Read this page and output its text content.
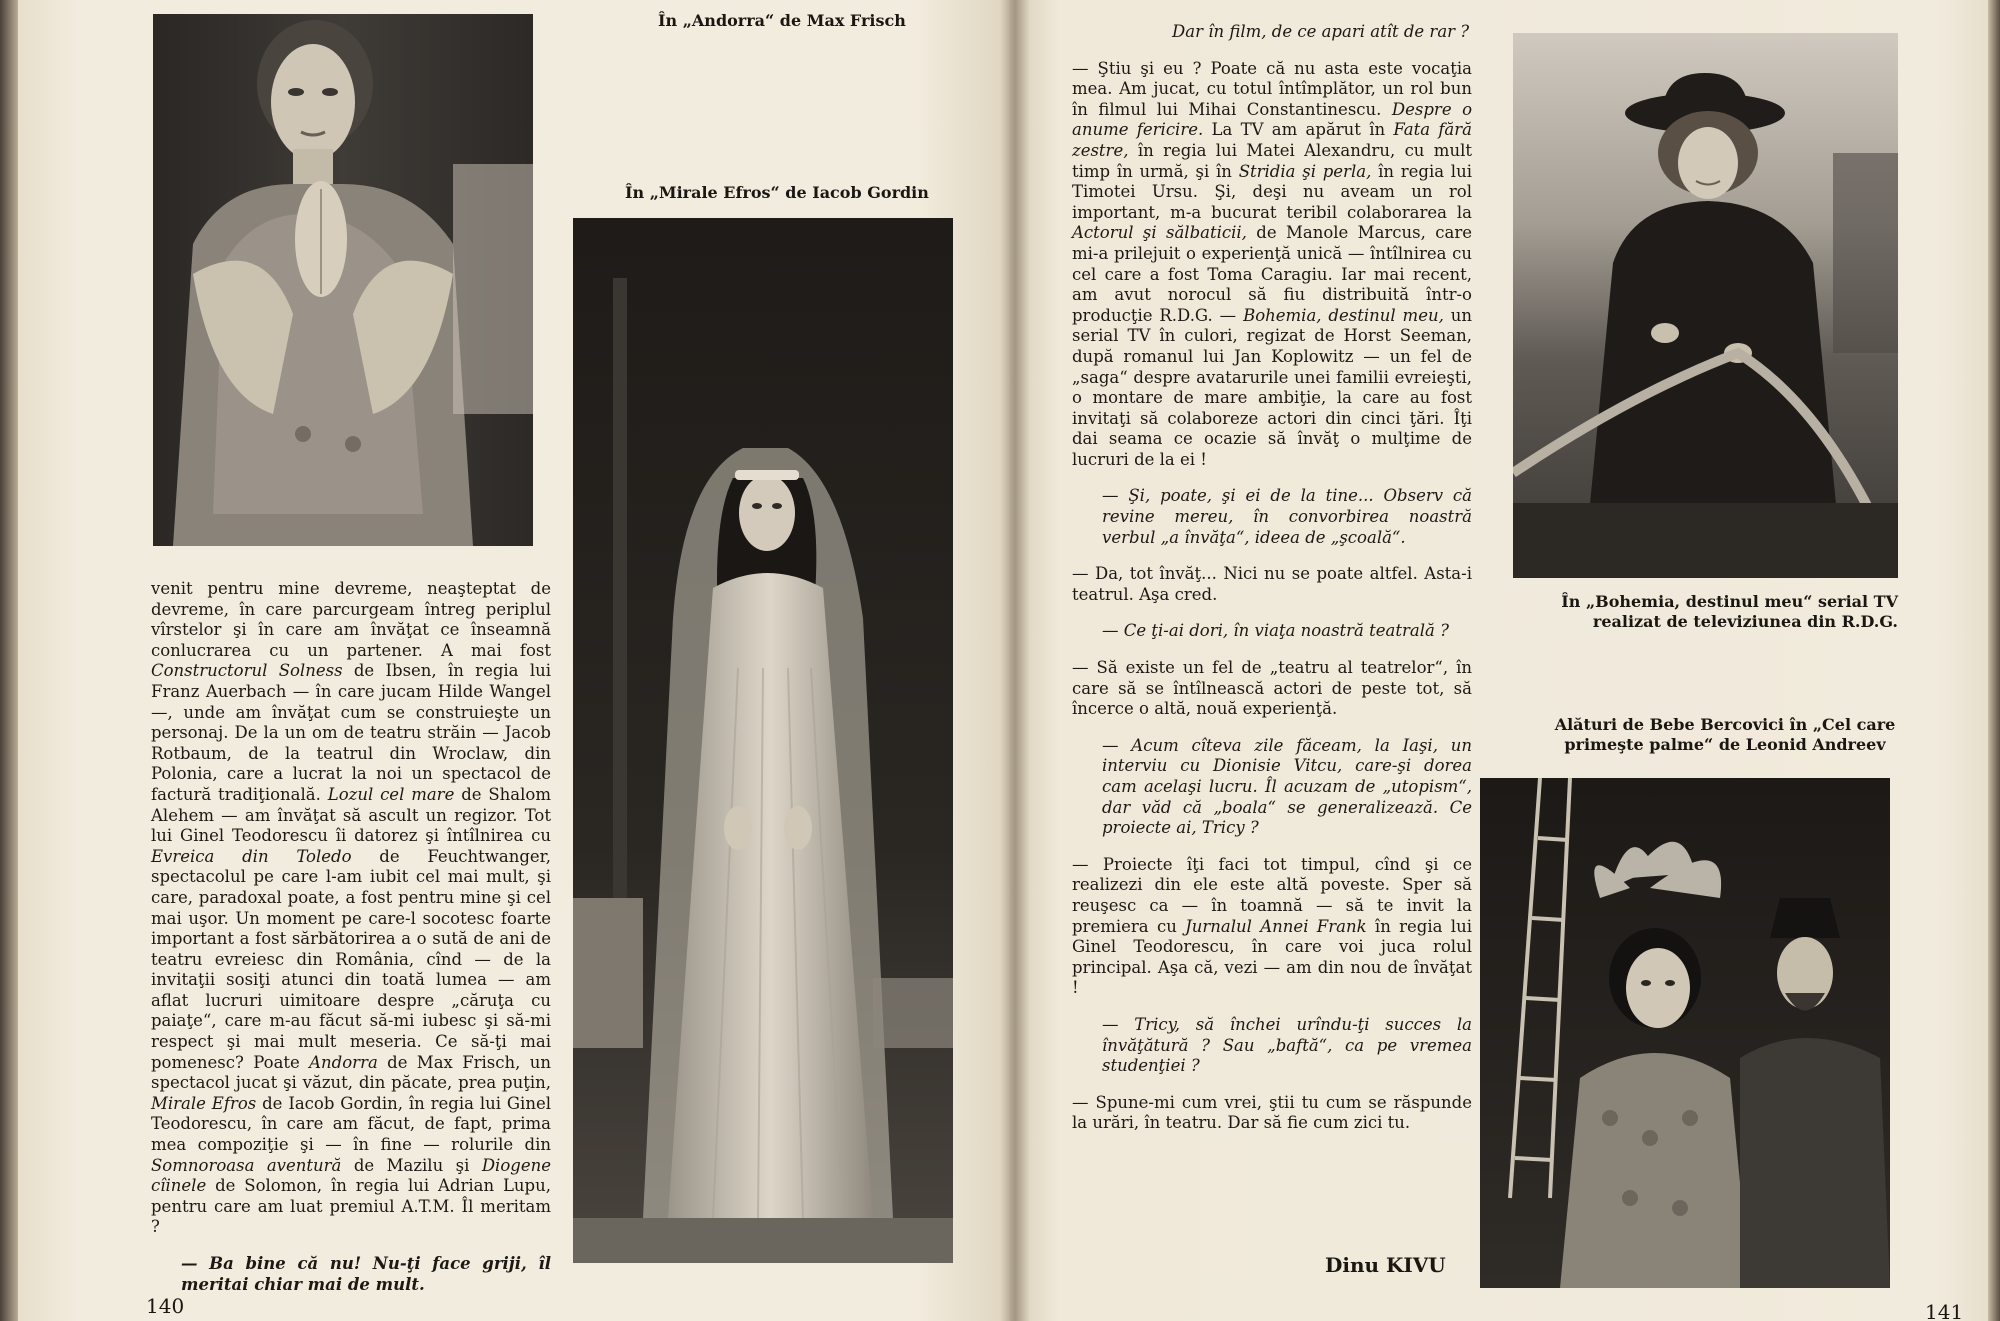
În „Andorra“ de Max Frisch
În „Mirale Efros“ de Iacob Gordin

venit pentru mine devreme, neaşteptat de devreme, în care parcurgeam întreg periplul vîrstelor şi în care am învăţat ce înseamnă conlucrarea cu un partener. A mai fost Constructorul Solness de Ibsen, în regia lui Franz Auerbach — în care jucam Hilde Wangel —, unde am învăţat cum se construieşte un personaj. De la un om de teatru străin — Jacob Rotbaum, de la teatrul din Wroclaw, din Polonia, care a lucrat la noi un spectacol de factură tradiţională. Lozul cel mare de Shalom Alehem — am învăţat să ascult un regizor. Tot lui Ginel Teodorescu îi datorez şi întîlnirea cu Evreica din Toledo de Feuchtwanger, spectacolul pe care l-am iubit cel mai mult, şi care, paradoxal poate, a fost pentru mine şi cel mai uşor. Un moment pe care-l socotesc foarte important a fost sărbătorirea a o sută de ani de teatru evreiesc din România, cînd — de la invitaţii sosiţi atunci din toată lumea — am aflat lucruri uimitoare despre „căruţa cu paiaţe“, care m-au făcut să-mi iubesc şi să-mi respect şi mai mult meseria. Ce să-ţi mai pomenesc? Poate Andorra de Max Frisch, un spectacol jucat şi văzut, din păcate, prea puţin, Mirale Efros de Iacob Gordin, în regia lui Ginel Teodorescu, în care am făcut, de fapt, prima mea compoziţie şi — în fine — rolurile din Somnoroasa aventură de Mazilu şi Diogene cîinele de Solomon, în regia lui Adrian Lupu, pentru care am luat premiul A.T.M. Îl meritam ?

— Ba bine că nu! Nu-ţi face griji, îl meritai chiar mai de mult.

140

Dar în film, de ce apari atît de rar ?

— Ştiu şi eu ? Poate că nu asta este vocaţia mea. Am jucat, cu totul întîmplător, un rol bun în filmul lui Mihai Constantinescu. Despre o anume fericire. La TV am apărut în Fata fără zestre, în regia lui Matei Alexandru, cu mult timp în urmă, şi în Stridia şi perla, în regia lui Timotei Ursu. Şi, deşi nu aveam un rol important, m-a bucurat teribil colaborarea la Actorul şi sălbaticii, de Manole Marcus, care mi-a prilejuit o experienţă unică — întîlnirea cu cel care a fost Toma Caragiu. Iar mai recent, am avut norocul să fiu distribuită într-o producţie R.D.G. — Bohemia, destinul meu, un serial TV în culori, regizat de Horst Seeman, după romanul lui Jan Koplowitz — un fel de „saga“ despre avatarurile unei familii evreieşti, o montare de mare ambiţie, la care au fost invitaţi să colaboreze actori din cinci ţări. Îţi dai seama ce ocazie să învăţ o mulţime de lucruri de la ei !

— Şi, poate, şi ei de la tine... Observ că revine mereu, în convorbirea noastră verbul „a învăţa“, ideea de „şcoală“.

— Da, tot învăţ... Nici nu se poate altfel. Asta-i teatrul. Aşa cred.

— Ce ţi-ai dori, în viaţa noastră teatrală ?

— Să existe un fel de „teatru al teatrelor“, în care să se întîlnească actori de peste tot, să încerce o altă, nouă experienţă.

— Acum cîteva zile făceam, la Iaşi, un interviu cu Dionisie Vitcu, care-şi dorea cam acelaşi lucru. Îl acuzam de „utopism“, dar văd că „boala“ se generalizează. Ce proiecte ai, Tricy ?

— Proiecte îţi faci tot timpul, cînd şi ce realizezi din ele este altă poveste. Sper să reuşesc ca — în toamnă — să te invit la premiera cu Jurnalul Annei Frank în regia lui Ginel Teodorescu, în care voi juca rolul principal. Aşa că, vezi — am din nou de învăţat !

— Tricy, să închei urîndu-ţi succes la învăţătură ? Sau „baftă“, ca pe vremea studenţiei ?

— Spune-mi cum vrei, ştii tu cum se răspunde la urări, în teatru. Dar să fie cum zici tu.

Dinu KIVU
În „Bohemia, destinul meu“ serial TV realizat de televiziunea din R.D.G.
Alături de Bebe Bercovici în „Cel care primeşte palme“ de Leonid Andreev
141
